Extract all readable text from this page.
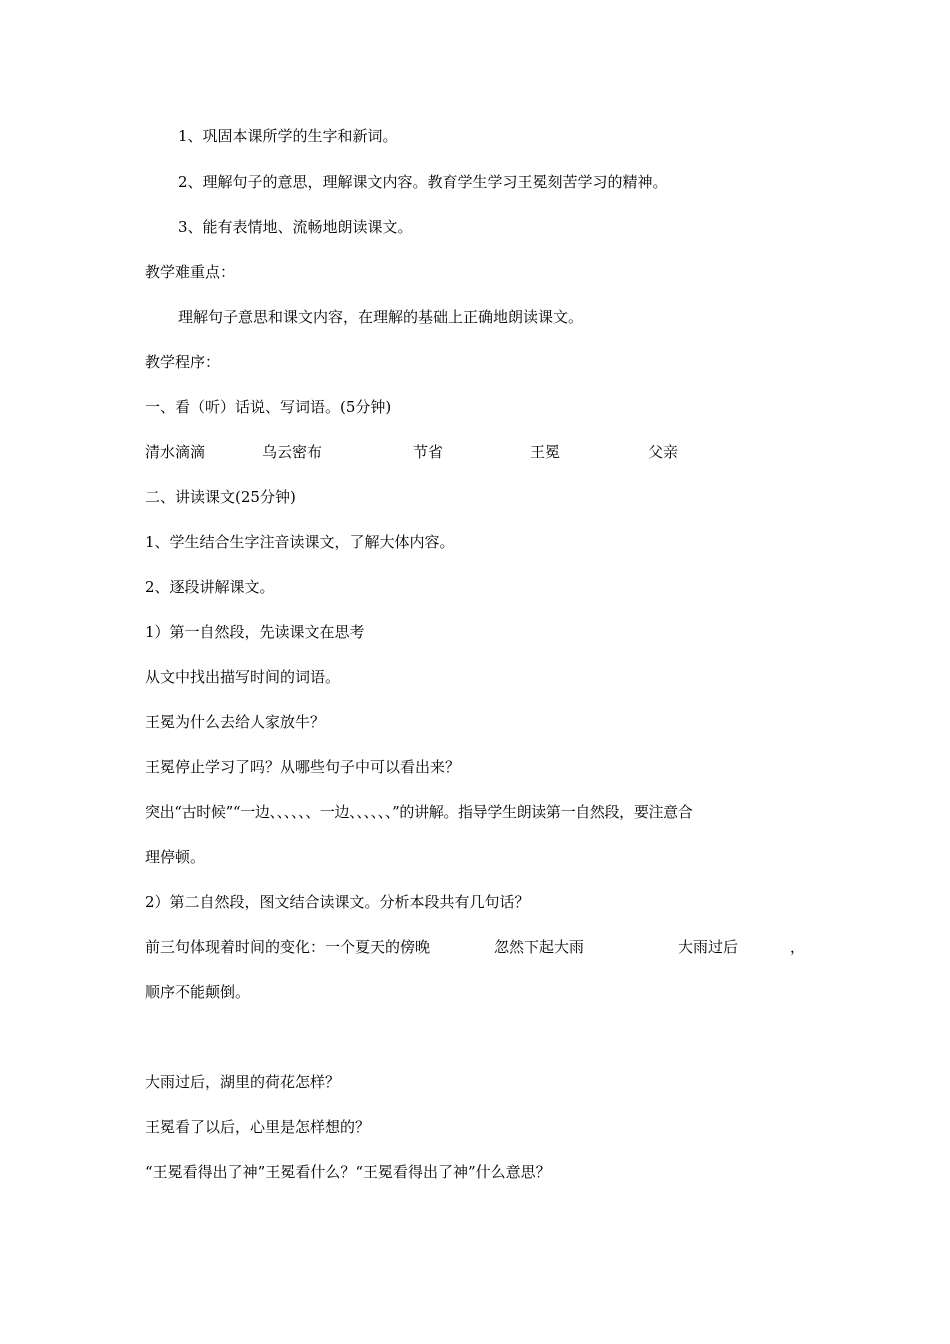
1、巩固本课所学的生字和新词。
2、理解句子的意思，理解课文内容。教育学生学习王冕刻苦学习的精神。
3、能有表情地、流畅地朗读课文。
教学难重点：
理解句子意思和课文内容，在理解的基础上正确地朗读课文。
教学程序：
一、看（听）话说、写词语。(5分钟)
清水滴滴	乌云密布	节省	王冕	父亲
二、讲读课文(25分钟)
1、学生结合生字注音读课文，了解大体内容。
2、逐段讲解课文。
1）第一自然段，先读课文在思考
从文中找出描写时间的词语。
王冕为什么去给人家放牛？
王冕停止学习了吗？从哪些句子中可以看出来？
突出“古时候”“一边、、、、、、一边、、、、、、”的讲解。指导学生朗读第一自然段，要注意合
理停顿。
2）第二自然段，图文结合读课文。分析本段共有几句话？
前三句体现着时间的变化：一个夏天的傍晚	忽然下起大雨	大雨过后	，
顺序不能颠倒。
大雨过后，湖里的荷花怎样？
王冕看了以后，心里是怎样想的？
“王冕看得出了神”王冕看什么？“王冕看得出了神”什么意思？
